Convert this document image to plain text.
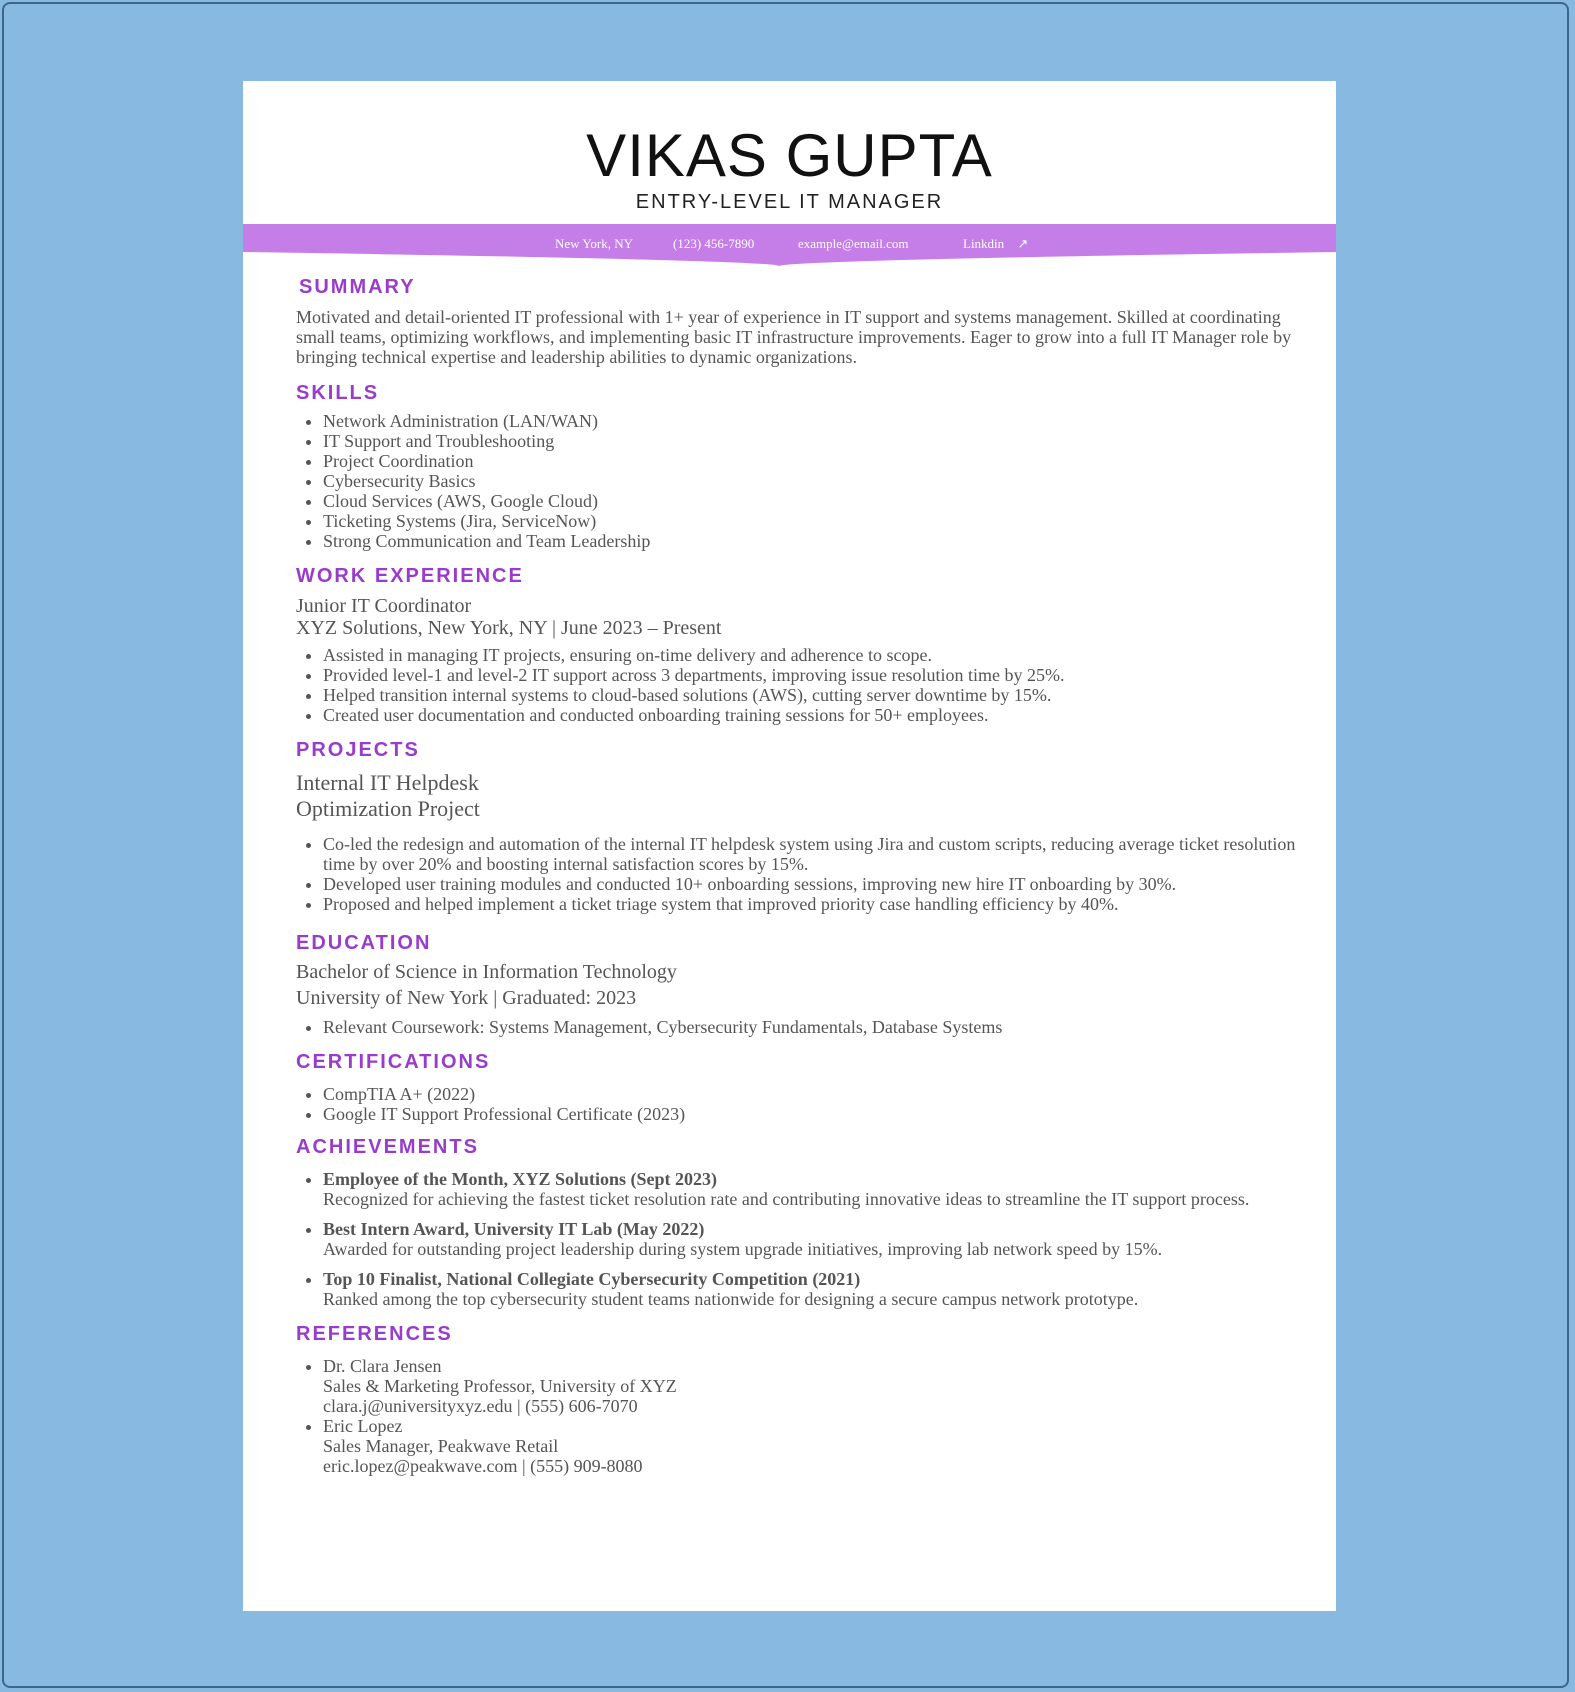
VIKAS GUPTA
ENTRY-LEVEL IT MANAGER
New York, NY	(123) 456-7890	example@email.com	Linkdin ↗
SUMMARY

Motivated and detail-oriented IT professional with 1+ year of experience in IT support and systems management. Skilled at coordinating small teams, optimizing workflows, and implementing basic IT infrastructure improvements. Eager to grow into a full IT Manager role by bringing technical expertise and leadership abilities to dynamic organizations.

SKILLS
• Network Administration (LAN/WAN)
• IT Support and Troubleshooting
• Project Coordination
• Cybersecurity Basics
• Cloud Services (AWS, Google Cloud)
• Ticketing Systems (Jira, ServiceNow)
• Strong Communication and Team Leadership
WORK EXPERIENCE

Junior IT Coordinator

XYZ Solutions, New York, NY | June 2023 – Present

• Assisted in managing IT projects, ensuring on-time delivery and adherence to scope.
• Provided level-1 and level-2 IT support across 3 departments, improving issue resolution time by 25%.
• Helped transition internal systems to cloud-based solutions (AWS), cutting server downtime by 15%.
• Created user documentation and conducted onboarding training sessions for 50+ employees.
PROJECTS

Internal IT Helpdesk

Optimization Project

• Co-led the redesign and automation of the internal IT helpdesk system using Jira and custom scripts, reducing average ticket resolution time by over 20% and boosting internal satisfaction scores by 15%.
• Developed user training modules and conducted 10+ onboarding sessions, improving new hire IT onboarding by 30%.
• Proposed and helped implement a ticket triage system that improved priority case handling efficiency by 40%.
EDUCATION

Bachelor of Science in Information Technology

University of New York | Graduated: 2023

• Relevant Coursework: Systems Management, Cybersecurity Fundamentals, Database Systems
CERTIFICATIONS
• CompTIA A+ (2022)
• Google IT Support Professional Certificate (2023)
ACHIEVEMENTS
• Employee of the Month, XYZ Solutions (Sept 2023)
Recognized for achieving the fastest ticket resolution rate and contributing innovative ideas to streamline the IT support process.
• Best Intern Award, University IT Lab (May 2022)
Awarded for outstanding project leadership during system upgrade initiatives, improving lab network speed by 15%.
• Top 10 Finalist, National Collegiate Cybersecurity Competition (2021)
Ranked among the top cybersecurity student teams nationwide for designing a secure campus network prototype.
REFERENCES
• Dr. Clara Jensen
Sales & Marketing Professor, University of XYZ
clara.j@universityxyz.edu | (555) 606-7070
• Eric Lopez
Sales Manager, Peakwave Retail
eric.lopez@peakwave.com | (555) 909-8080
